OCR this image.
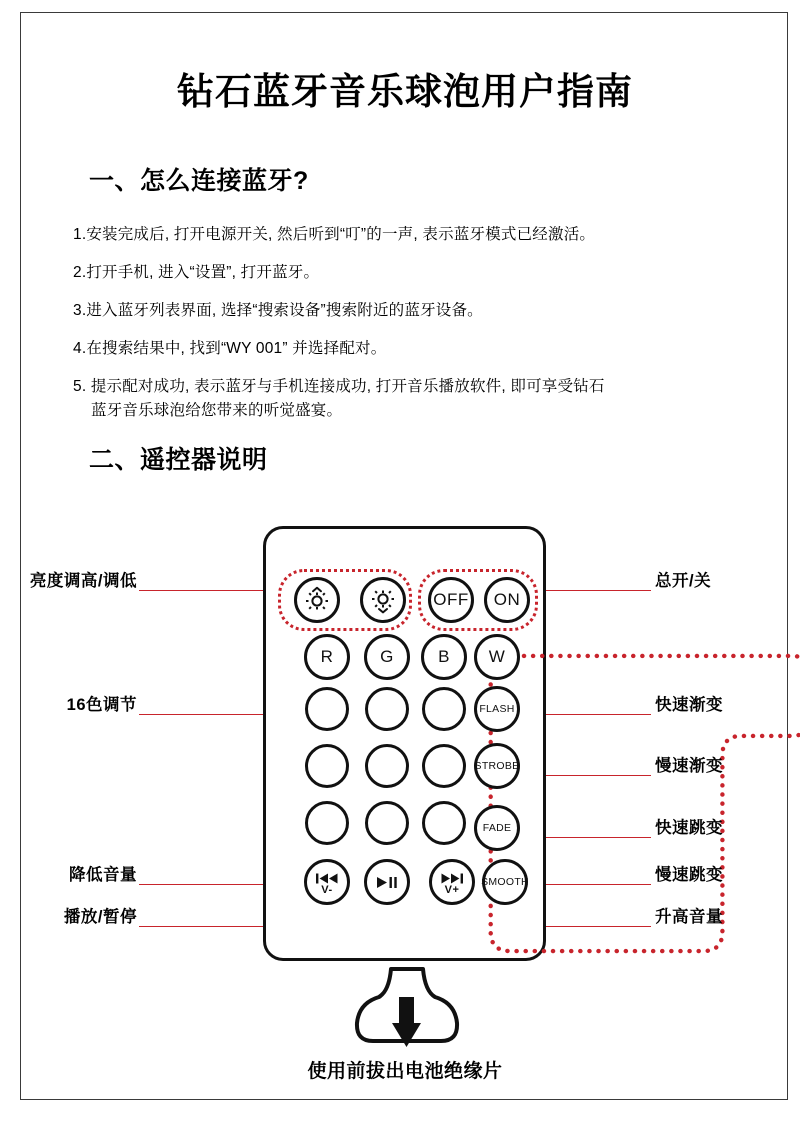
钻石蓝牙音乐球泡用户指南
一、怎么连接蓝牙?
1.安装完成后, 打开电源开关, 然后听到“叮”的一声, 表示蓝牙模式已经激活。
2.打开手机, 进入“设置”, 打开蓝牙。
3.进入蓝牙列表界面, 选择“搜索设备”搜索附近的蓝牙设备。
4.在搜索结果中, 找到“WY 001” 并选择配对。
5. 提示配对成功, 表示蓝牙与手机连接成功, 打开音乐播放软件, 即可享受钻石
蓝牙音乐球泡给您带来的听觉盛宴。
二、遥控器说明
OFF	ON
R	G	B	W
FLASH
STROBE
FADE
V-	V+
SMOOTH
亮度调高/调低
16色调节
降低音量
播放/暂停
总开/关
快速渐变
慢速渐变
快速跳变
慢速跳变
升高音量
使用前拔出电池绝缘片
